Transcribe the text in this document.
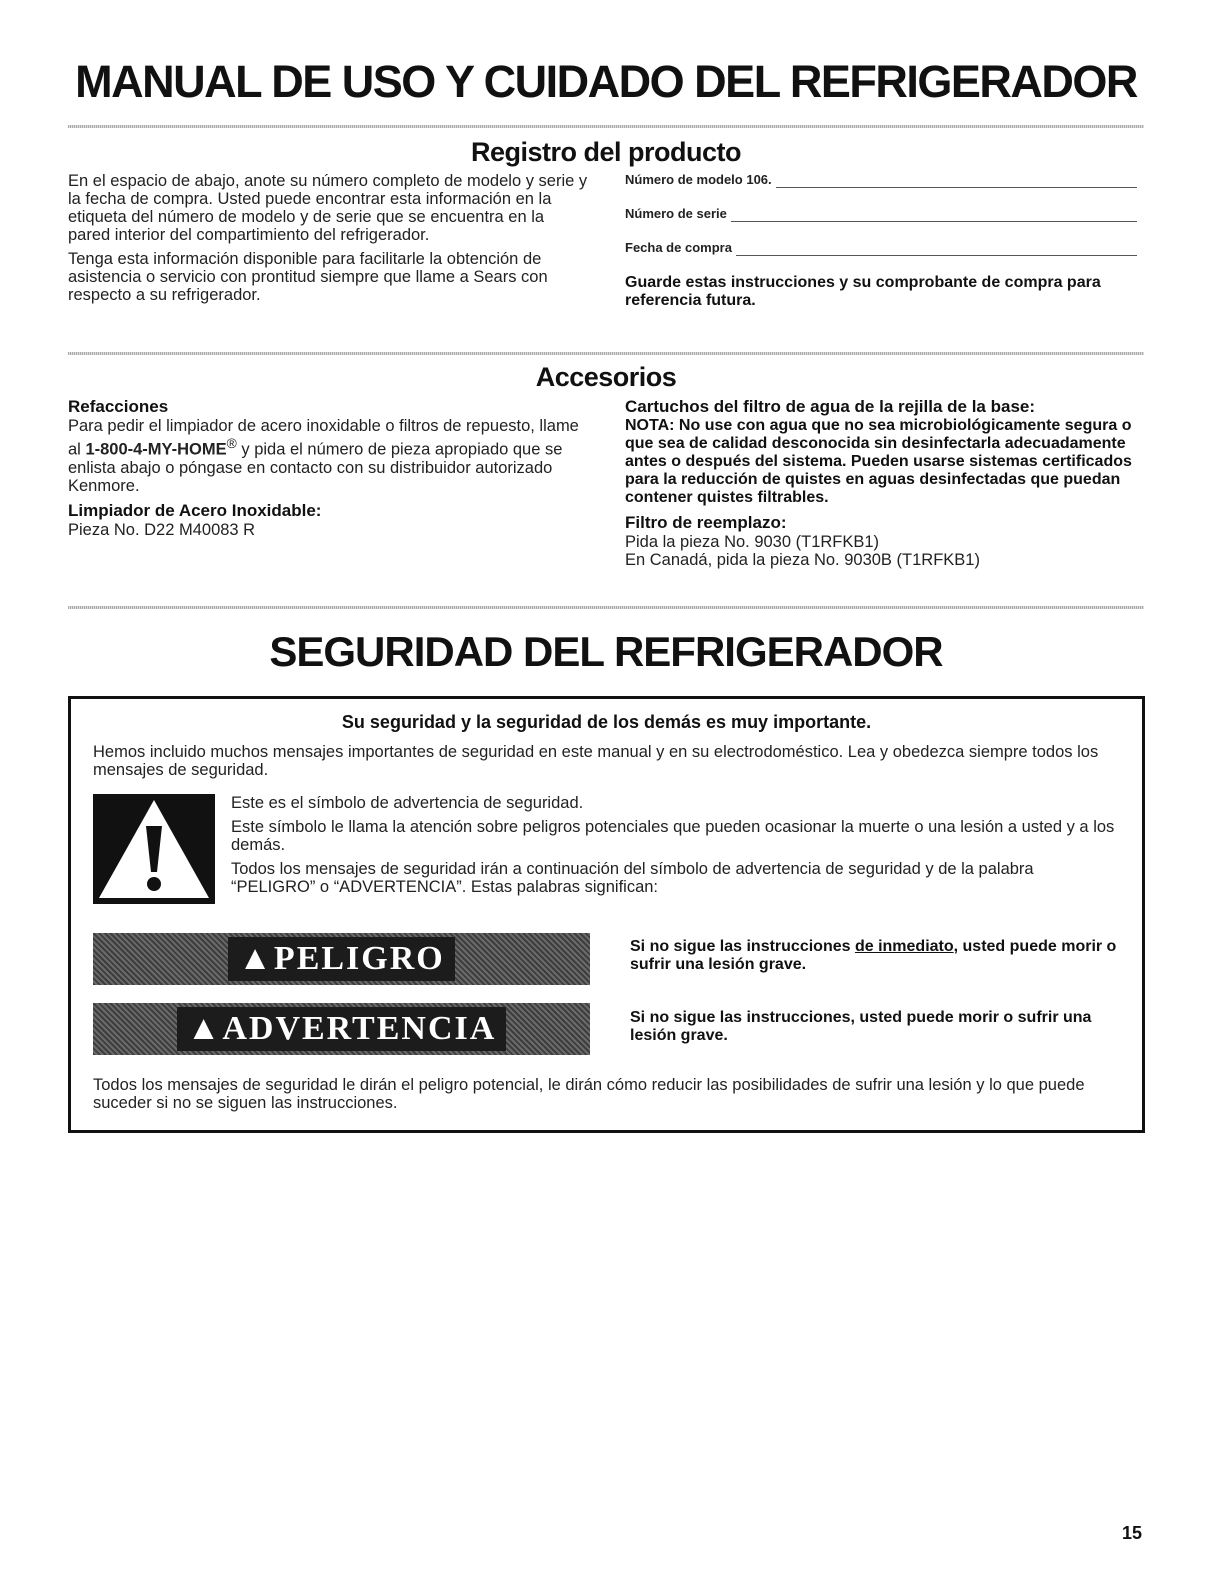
MANUAL DE USO Y CUIDADO DEL REFRIGERADOR
Registro del producto

En el espacio de abajo, anote su número completo de modelo y serie y la fecha de compra. Usted puede encontrar esta información en la etiqueta del número de modelo y de serie que se encuentra en la pared interior del compartimiento del refrigerador.

Tenga esta información disponible para facilitarle la obtención de asistencia o servicio con prontitud siempre que llame a Sears con respecto a su refrigerador.

Número de modelo 106.
Número de serie
Fecha de compra
Guarde estas instrucciones y su comprobante de compra para referencia futura.
Accesorios
Refacciones
Para pedir el limpiador de acero inoxidable o filtros de repuesto, llame al 1-800-4-MY-HOME® y pida el número de pieza apropiado que se enlista abajo o póngase en contacto con su distribuidor autorizado Kenmore.
Limpiador de Acero Inoxidable:
Pieza No. D22 M40083 R
Cartuchos del filtro de agua de la rejilla de la base:
NOTA: No use con agua que no sea microbiológicamente segura o que sea de calidad desconocida sin desinfectarla adecuadamente antes o después del sistema. Pueden usarse sistemas certificados para la reducción de quistes en aguas desinfectadas que puedan contener quistes filtrables.
Filtro de reemplazo:
Pida la pieza No. 9030 (T1RFKB1)
En Canadá, pida la pieza No. 9030B (T1RFKB1)
SEGURIDAD DEL REFRIGERADOR
Su seguridad y la seguridad de los demás es muy importante.
Hemos incluido muchos mensajes importantes de seguridad en este manual y en su electrodoméstico. Lea y obedezca siempre todos los mensajes de seguridad.

Este es el símbolo de advertencia de seguridad.

Este símbolo le llama la atención sobre peligros potenciales que pueden ocasionar la muerte o una lesión a usted y a los demás.

Todos los mensajes de seguridad irán a continuación del símbolo de advertencia de seguridad y de la palabra “PELIGRO” o “ADVERTENCIA”. Estas palabras significan:

▲PELIGRO	Si no sigue las instrucciones de inmediato, usted puede morir o sufrir una lesión grave.
▲ADVERTENCIA	Si no sigue las instrucciones, usted puede morir o sufrir una lesión grave.
Todos los mensajes de seguridad le dirán el peligro potencial, le dirán cómo reducir las posibilidades de sufrir una lesión y lo que puede suceder si no se siguen las instrucciones.
15
